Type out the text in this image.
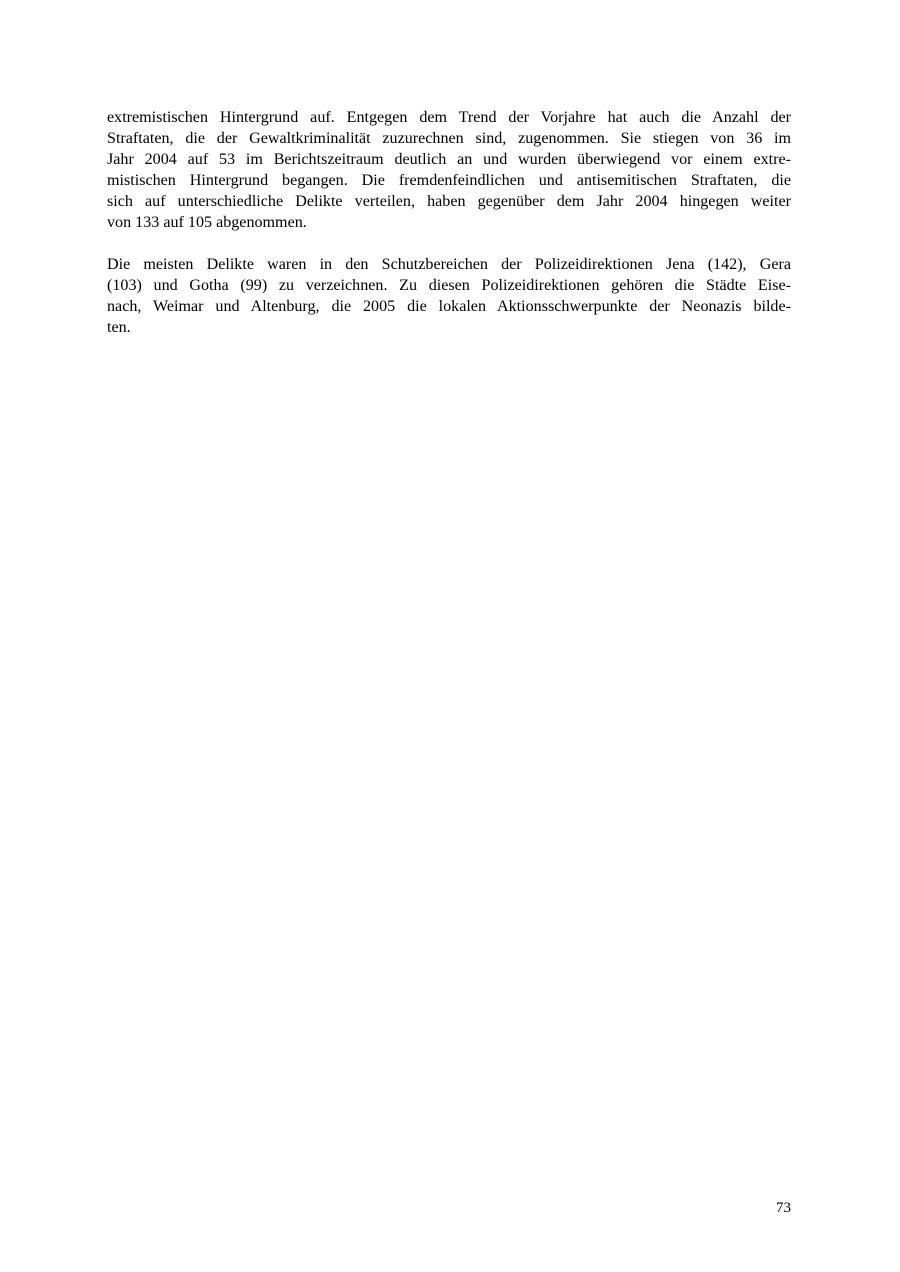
extremistischen Hintergrund auf. Entgegen dem Trend der Vorjahre hat auch die Anzahl der
Straftaten, die der Gewaltkriminalität zuzurechnen sind, zugenommen. Sie stiegen von 36 im
Jahr 2004 auf 53 im Berichtszeitraum deutlich an und wurden überwiegend vor einem extre-
mistischen Hintergrund begangen. Die fremdenfeindlichen und antisemitischen Straftaten, die
sich auf unterschiedliche Delikte verteilen, haben gegenüber dem Jahr 2004 hingegen weiter
von 133 auf 105 abgenommen.

Die meisten Delikte waren in den Schutzbereichen der Polizeidirektionen Jena (142), Gera
(103) und Gotha (99) zu verzeichnen. Zu diesen Polizeidirektionen gehören die Städte Eise-
nach, Weimar und Altenburg, die 2005 die lokalen Aktionsschwerpunkte der Neonazis bilde-
ten.

73
